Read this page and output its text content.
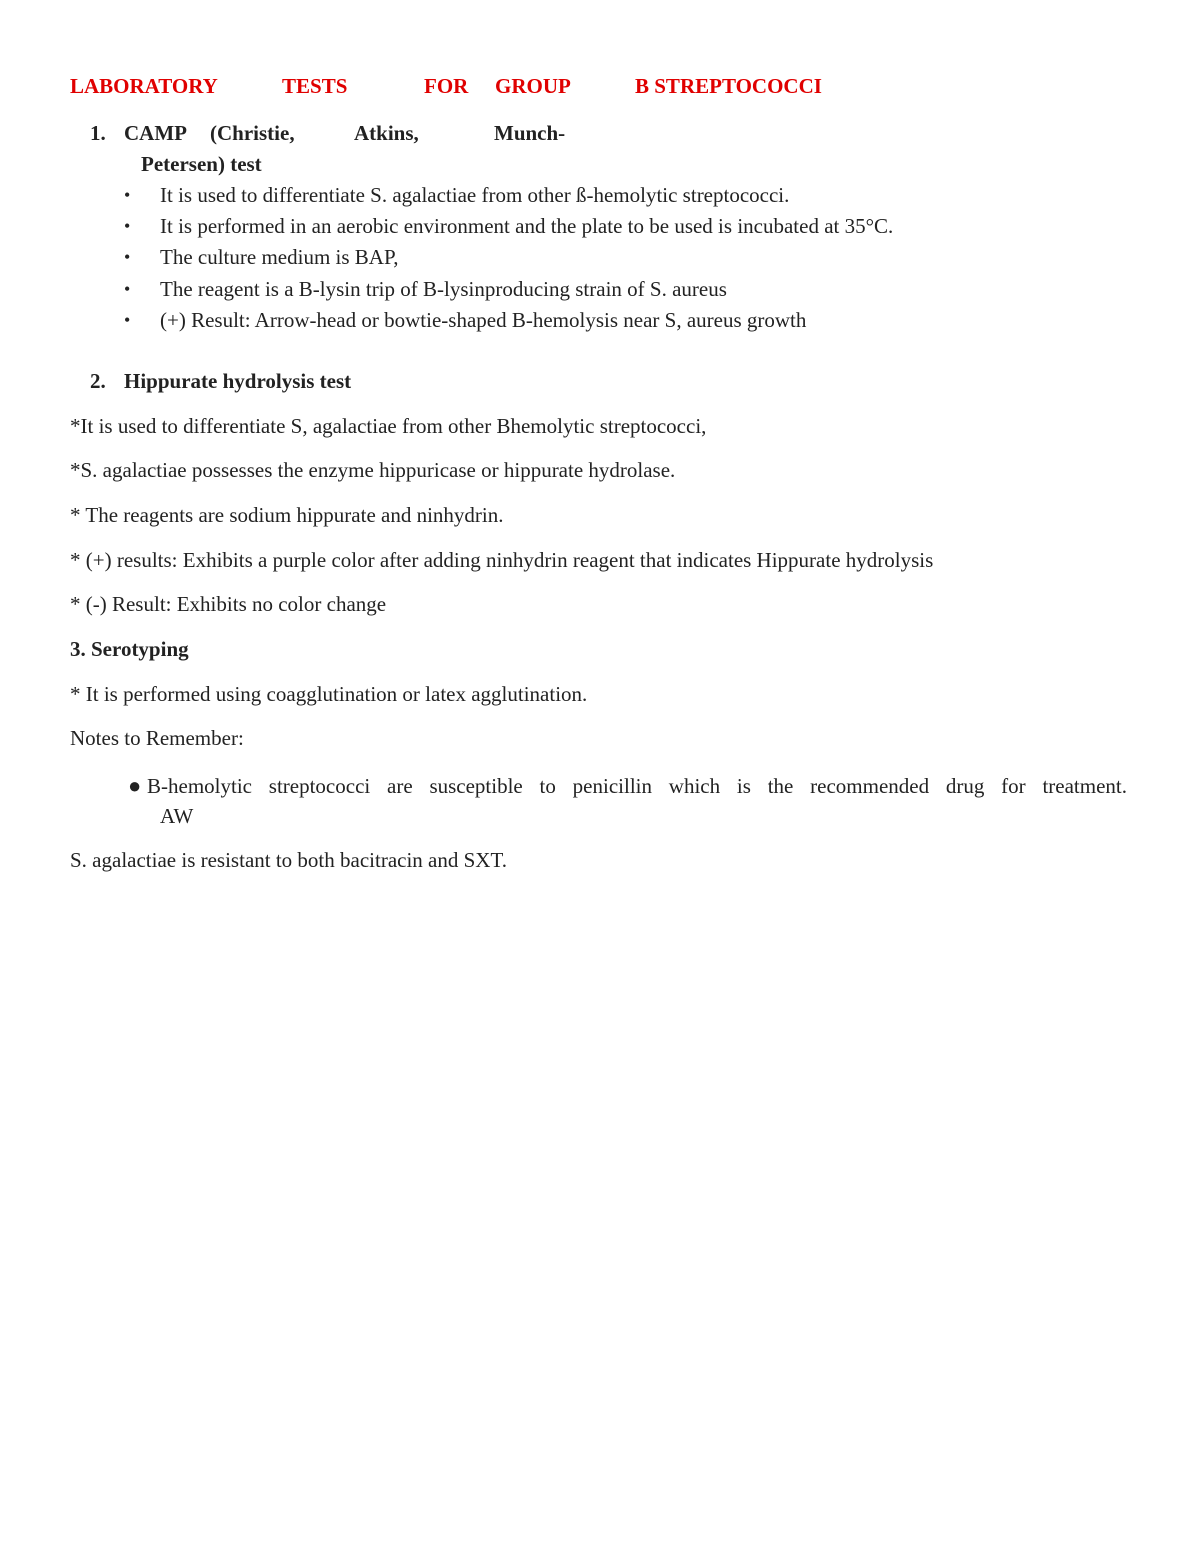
LABORATORY	TESTS	FOR GROUP	B STREPTOCOCCI
1. CAMP (Christie,	Atkins,	Munch-
Petersen) test
• It is used to differentiate S. agalactiae from other ß-hemolytic streptococci.
• It is performed in an aerobic environment and the plate to be used is incubated at 35°C.
• The culture medium is BAP,
• The reagent is a B-lysin trip of B-lysinproducing strain of S. aureus
• (+) Result: Arrow-head or bowtie-shaped B-hemolysis near S, aureus growth
2. Hippurate hydrolysis test
*It is used to differentiate S, agalactiae from other Bhemolytic streptococci,
*S. agalactiae possesses the enzyme hippuricase or hippurate hydrolase.
* The reagents are sodium hippurate and ninhydrin.
* (+) results: Exhibits a purple color after adding ninhydrin reagent that indicates Hippurate hydrolysis
* (-) Result: Exhibits no color change
3. Serotyping
* It is performed using coagglutination or latex agglutination.
Notes to Remember:
● B-hemolytic streptococci are susceptible to penicillin which is the recommended drug for treatment.
AW
S. agalactiae is resistant to both bacitracin and SXT.
